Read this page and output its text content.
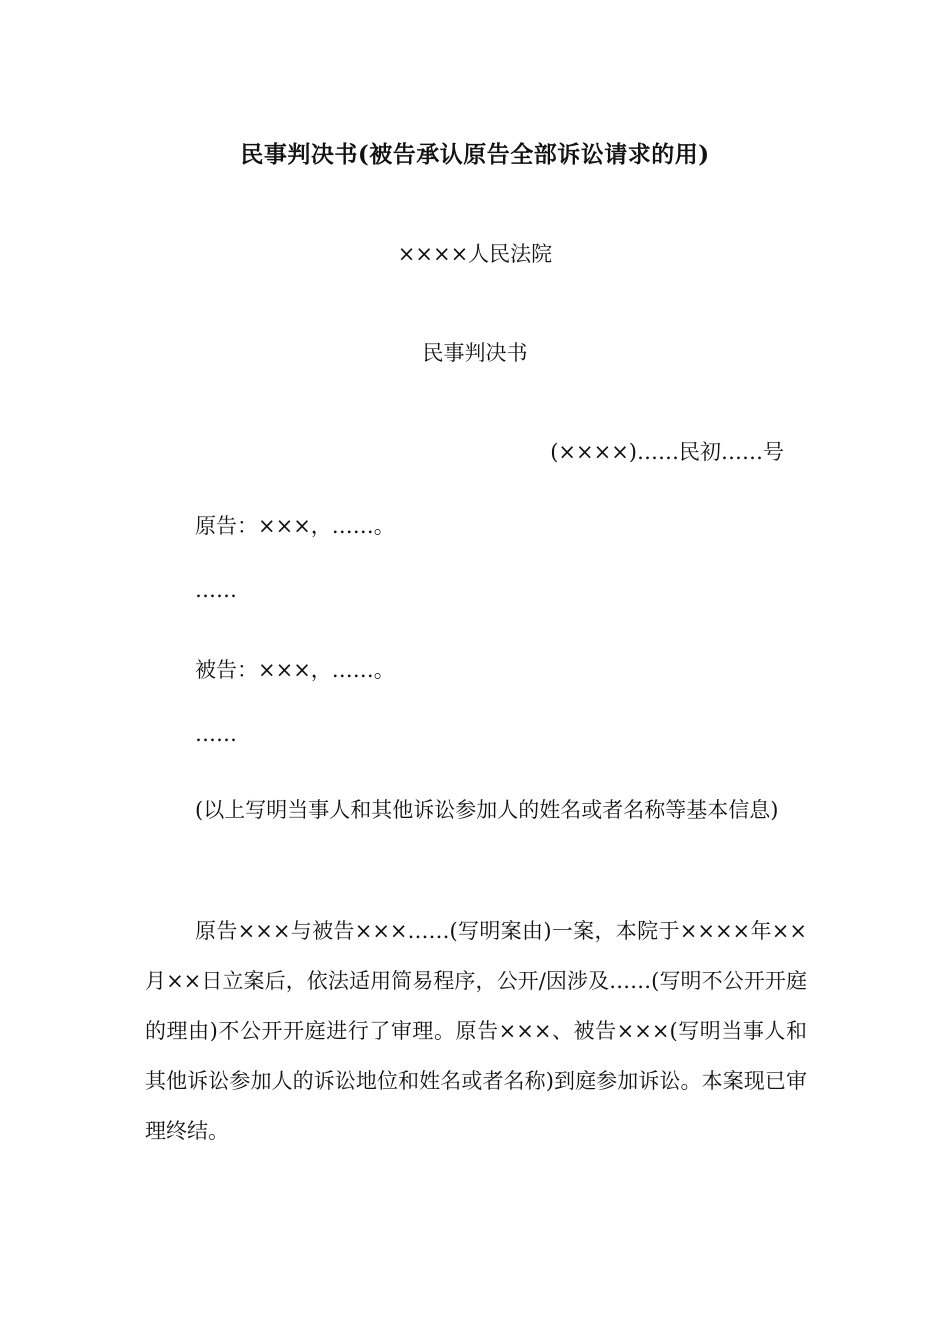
民事判决书(被告承认原告全部诉讼请求的用)
××××人民法院
民事判决书
(××××)……民初……号
原告：×××，……。
……
被告：×××，……。
……
(以上写明当事人和其他诉讼参加人的姓名或者名称等基本信息)
原告×××与被告×××……(写明案由)一案，本院于××××年××月××日立案后，依法适用简易程序，公开/因涉及……(写明不公开开庭的理由)不公开开庭进行了审理。原告×××、被告×××(写明当事人和其他诉讼参加人的诉讼地位和姓名或者名称)到庭参加诉讼。本案现已审理终结。
